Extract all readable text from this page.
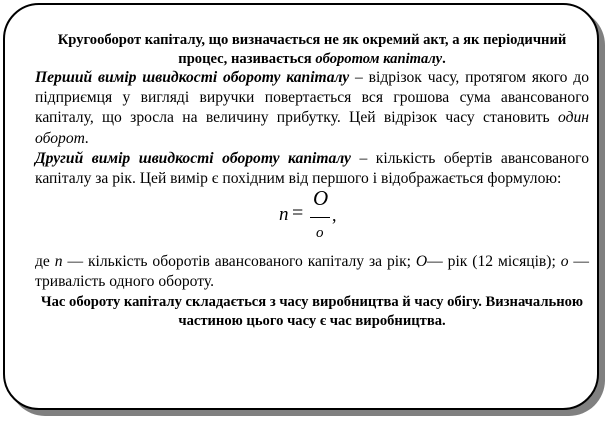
Кругооборот капіталу, що визначається не як окремий акт, а як періодичний процес, називається оборотом капіталу.

Перший вимір швидкості обороту капіталу – відрізок часу, протягом якого до підприємця у вигляді виручки повертається вся грошова сума авансованого капіталу, що зросла на величину прибутку. Цей відрізок часу становить один оборот.

Другий вимір швидкості обороту капіталу – кількість обертів авансованого капіталу за рік. Цей вимір є похідним від першого і відображається формулою:

n =
O
o
,

де n — кількість оборотів авансованого капіталу за рік; О— рік (12 місяців); о — тривалість одного обороту.

Час обороту капіталу складається з часу виробництва й часу обігу. Визначальною частиною цього часу є час виробництва.
